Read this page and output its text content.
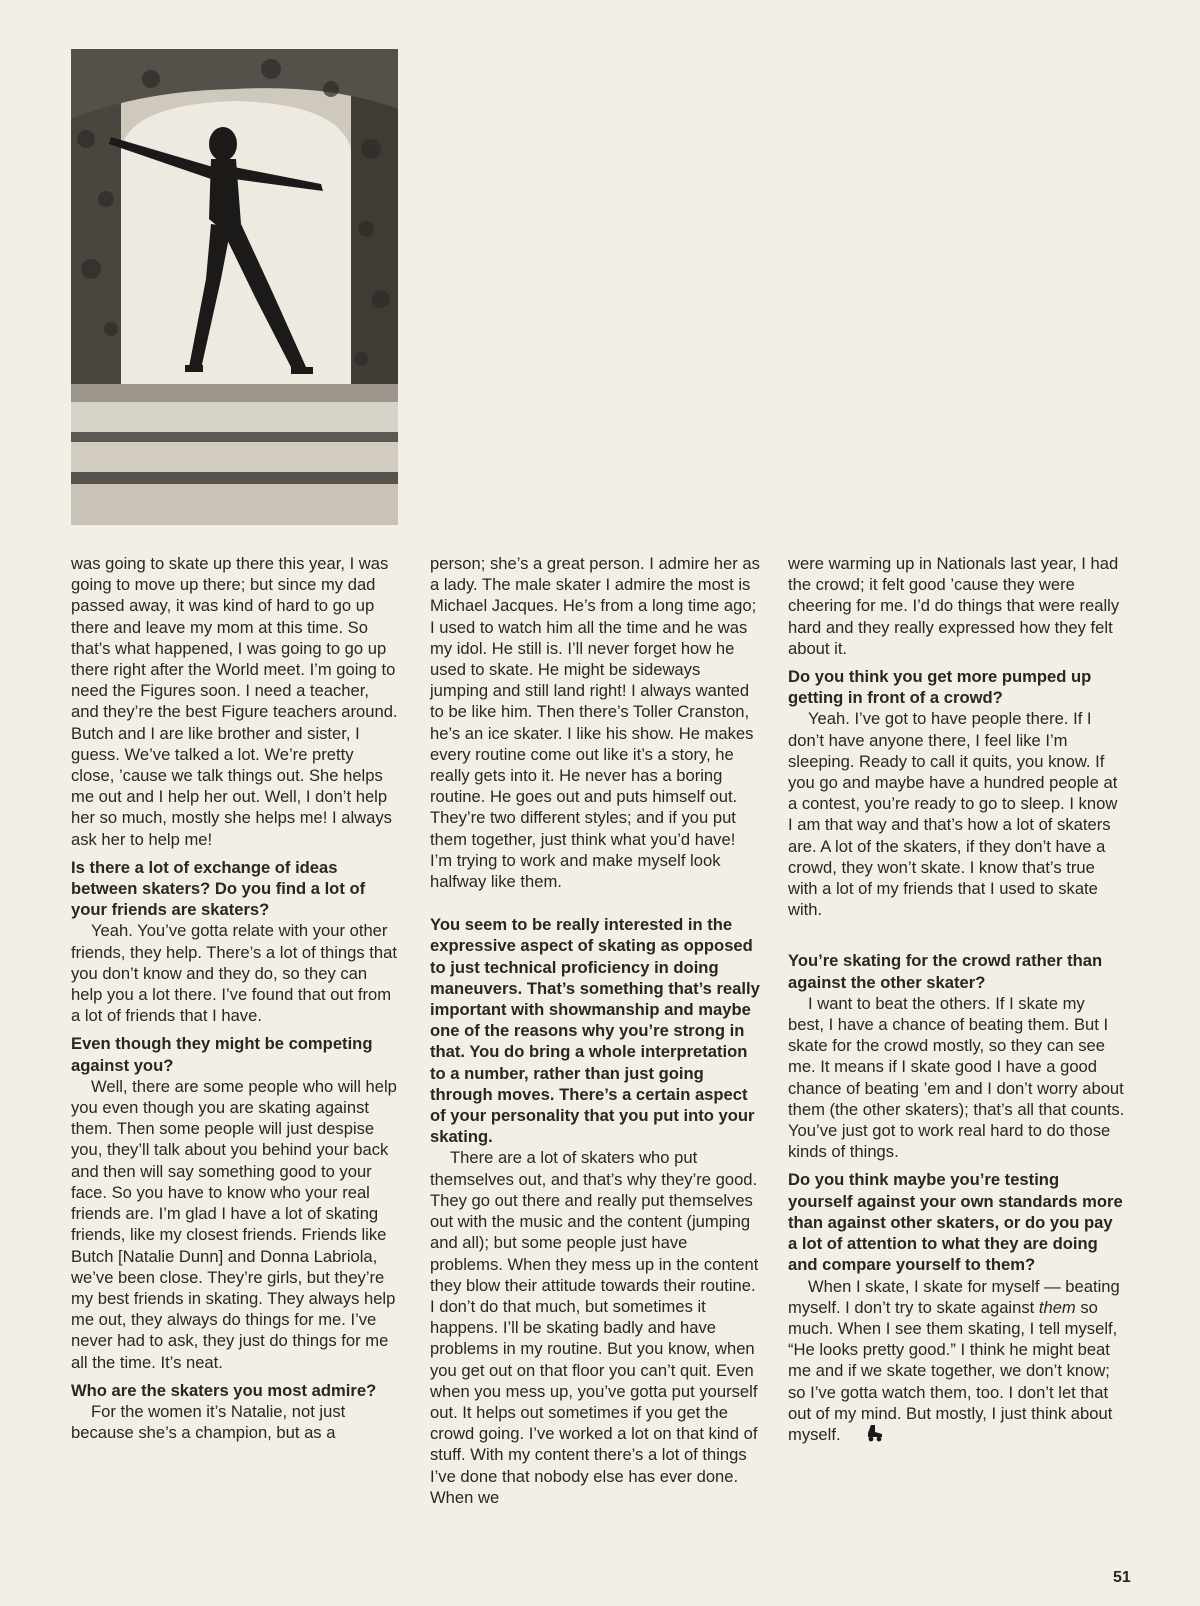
was going to skate up there this year, I was going to move up there; but since my dad passed away, it was kind of hard to go up there and leave my mom at this time. So that’s what happened, I was going to go up there right after the World meet. I’m going to need the Figures soon. I need a teacher, and they’re the best Figure teachers around. Butch and I are like brother and sister, I guess. We’ve talked a lot. We’re pretty close, ’cause we talk things out. She helps me out and I help her out. Well, I don’t help her so much, mostly she helps me! I always ask her to help me!

Is there a lot of exchange of ideas between skaters? Do you find a lot of your friends are skaters?

Yeah. You’ve gotta relate with your other friends, they help. There’s a lot of things that you don’t know and they do, so they can help you a lot there. I’ve found that out from a lot of friends that I have.

Even though they might be competing against you?

Well, there are some people who will help you even though you are skating against them. Then some people will just despise you, they’ll talk about you behind your back and then will say something good to your face. So you have to know who your real friends are. I’m glad I have a lot of skating friends, like my closest friends. Friends like Butch [Natalie Dunn] and Donna Labriola, we’ve been close. They’re girls, but they’re my best friends in skating. They always help me out, they always do things for me. I’ve never had to ask, they just do things for me all the time. It’s neat.

Who are the skaters you most admire?

For the women it’s Natalie, not just because she’s a champion, but as a

person; she’s a great person. I admire her as a lady. The male skater I admire the most is Michael Jacques. He’s from a long time ago; I used to watch him all the time and he was my idol. He still is. I’ll never forget how he used to skate. He might be sideways jumping and still land right! I always wanted to be like him. Then there’s Toller Cranston, he’s an ice skater. I like his show. He makes every routine come out like it’s a story, he really gets into it. He never has a boring routine. He goes out and puts himself out. They’re two different styles; and if you put them together, just think what you’d have! I’m trying to work and make myself look halfway like them.

You seem to be really interested in the expressive aspect of skating as opposed to just technical proficiency in doing maneuvers. That’s something that’s really important with showmanship and maybe one of the reasons why you’re strong in that. You do bring a whole interpretation to a number, rather than just going through moves. There’s a certain aspect of your personality that you put into your skating.

There are a lot of skaters who put themselves out, and that’s why they’re good. They go out there and really put themselves out with the music and the content (jumping and all); but some people just have problems. When they mess up in the content they blow their attitude towards their routine. I don’t do that much, but sometimes it happens. I’ll be skating badly and have problems in my routine. But you know, when you get out on that floor you can’t quit. Even when you mess up, you’ve gotta put yourself out. It helps out sometimes if you get the crowd going. I’ve worked a lot on that kind of stuff. With my content there’s a lot of things I’ve done that nobody else has ever done. When we

were warming up in Nationals last year, I had the crowd; it felt good ’cause they were cheering for me. I’d do things that were really hard and they really expressed how they felt about it.

Do you think you get more pumped up getting in front of a crowd?

Yeah. I’ve got to have people there. If I don’t have anyone there, I feel like I’m sleeping. Ready to call it quits, you know. If you go and maybe have a hundred people at a contest, you’re ready to go to sleep. I know I am that way and that’s how a lot of skaters are. A lot of the skaters, if they don’t have a crowd, they won’t skate. I know that’s true with a lot of my friends that I used to skate with.

You’re skating for the crowd rather than against the other skater?

I want to beat the others. If I skate my best, I have a chance of beating them. But I skate for the crowd mostly, so they can see me. It means if I skate good I have a good chance of beating ’em and I don’t worry about them (the other skaters); that’s all that counts. You’ve just got to work real hard to do those kinds of things.

Do you think maybe you’re testing yourself against your own standards more than against other skaters, or do you pay a lot of attention to what they are doing and compare yourself to them?

When I skate, I skate for myself — beating myself. I don’t try to skate against them so much. When I see them skating, I tell myself, “He looks pretty good.” I think he might beat me and if we skate together, we don’t know; so I’ve gotta watch them, too. I don’t let that out of my mind. But mostly, I just think about myself.

51
